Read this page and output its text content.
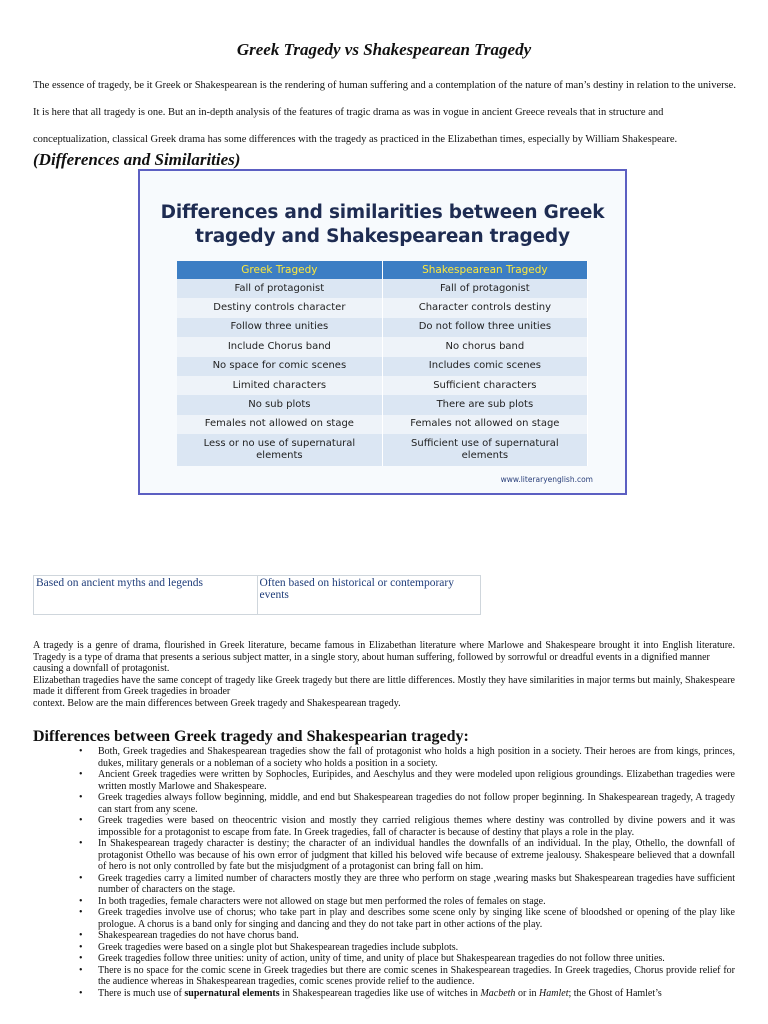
Greek Tragedy vs Shakespearean Tragedy

The essence of tragedy, be it Greek or Shakespearean is the rendering of human suffering and a contemplation of the nature of man’s destiny in relation to the universe. It is here that all tragedy is one. But an in-depth analysis of the features of tragic drama as was in vogue in ancient Greece reveals that in structure and conceptualization, classical Greek drama has some differences with the tragedy as practiced in the Elizabethan times, especially by William Shakespeare.

(Differences and Similarities)
Differences and similarities between Greek
tragedy and Shakespearean tragedy
Greek Tragedy	Shakespearean Tragedy
Fall of protagonist	Fall of protagonist
Destiny controls character	Character controls destiny
Follow three unities	Do not follow three unities
Include Chorus band	No chorus band
No space for comic scenes	Includes comic scenes
Limited characters	Sufficient characters
No sub plots	There are sub plots
Females not allowed on stage	Females not allowed on stage
Less or no use of supernatural elements	Sufficient use of supernatural elements
www.literaryenglish.com
Based on ancient myths and legends	Often based on historical or contemporary events

A tragedy is a genre of drama, flourished in Greek literature, became famous in Elizabethan literature where Marlowe and Shakespeare brought it into English literature. Tragedy is a type of drama that presents a serious subject matter, in a single story, about human suffering, followed by sorrowful or dreadful events in a dignified manner

causing a downfall of protagonist.

Elizabethan tragedies have the same concept of tragedy like Greek tragedy but there are little differences. Mostly they have similarities in major terms but mainly, Shakespeare made it different from Greek tragedies in broader

context. Below are the main differences between Greek tragedy and Shakespearean tragedy.

Differences between Greek tragedy and Shakespearian tragedy:
• Both, Greek tragedies and Shakespearean tragedies show the fall of protagonist who holds a high position in a society. Their heroes are from kings, princes, dukes, military generals or a nobleman of a society who holds a position in a society.
• Ancient Greek tragedies were written by Sophocles, Euripides, and Aeschylus and they were modeled upon religious groundings. Elizabethan tragedies were written mostly Marlowe and Shakespeare.
• Greek tragedies always follow beginning, middle, and end but Shakespearean tragedies do not follow proper beginning. In Shakespearean tragedy, A tragedy can start from any scene.
• Greek tragedies were based on theocentric vision and mostly they carried religious themes where destiny was controlled by divine powers and it was impossible for a protagonist to escape from fate. In Greek tragedies, fall of character is because of destiny that plays a role in the play.
• In Shakespearean tragedy character is destiny; the character of an individual handles the downfalls of an individual. In the play, Othello, the downfall of protagonist Othello was because of his own error of judgment that killed his beloved wife because of extreme jealousy. Shakespeare believed that a downfall of hero is not only controlled by fate but the misjudgment of a protagonist can bring fall on him.
• Greek tragedies carry a limited number of characters mostly they are three who perform on stage ,wearing masks but Shakespearean tragedies have sufficient number of characters on the stage.
• In both tragedies, female characters were not allowed on stage but men performed the roles of females on stage.
• Greek tragedies involve use of chorus; who take part in play and describes some scene only by singing like scene of bloodshed or opening of the play like prologue. A chorus is a band only for singing and dancing and they do not take part in other actions of the play.
• Shakespearean tragedies do not have chorus band.
• Greek tragedies were based on a single plot but Shakespearean tragedies include subplots.
• Greek tragedies follow three unities: unity of action, unity of time, and unity of place but Shakespearean tragedies do not follow three unities.
• There is no space for the comic scene in Greek tragedies but there are comic scenes in Shakespearean tragedies. In Greek tragedies, Chorus provide relief for the audience whereas in Shakespearean tragedies, comic scenes provide relief to the audience.
• There is much use of supernatural elements in Shakespearean tragedies like use of witches in Macbeth or in Hamlet; the Ghost of Hamlet’s
